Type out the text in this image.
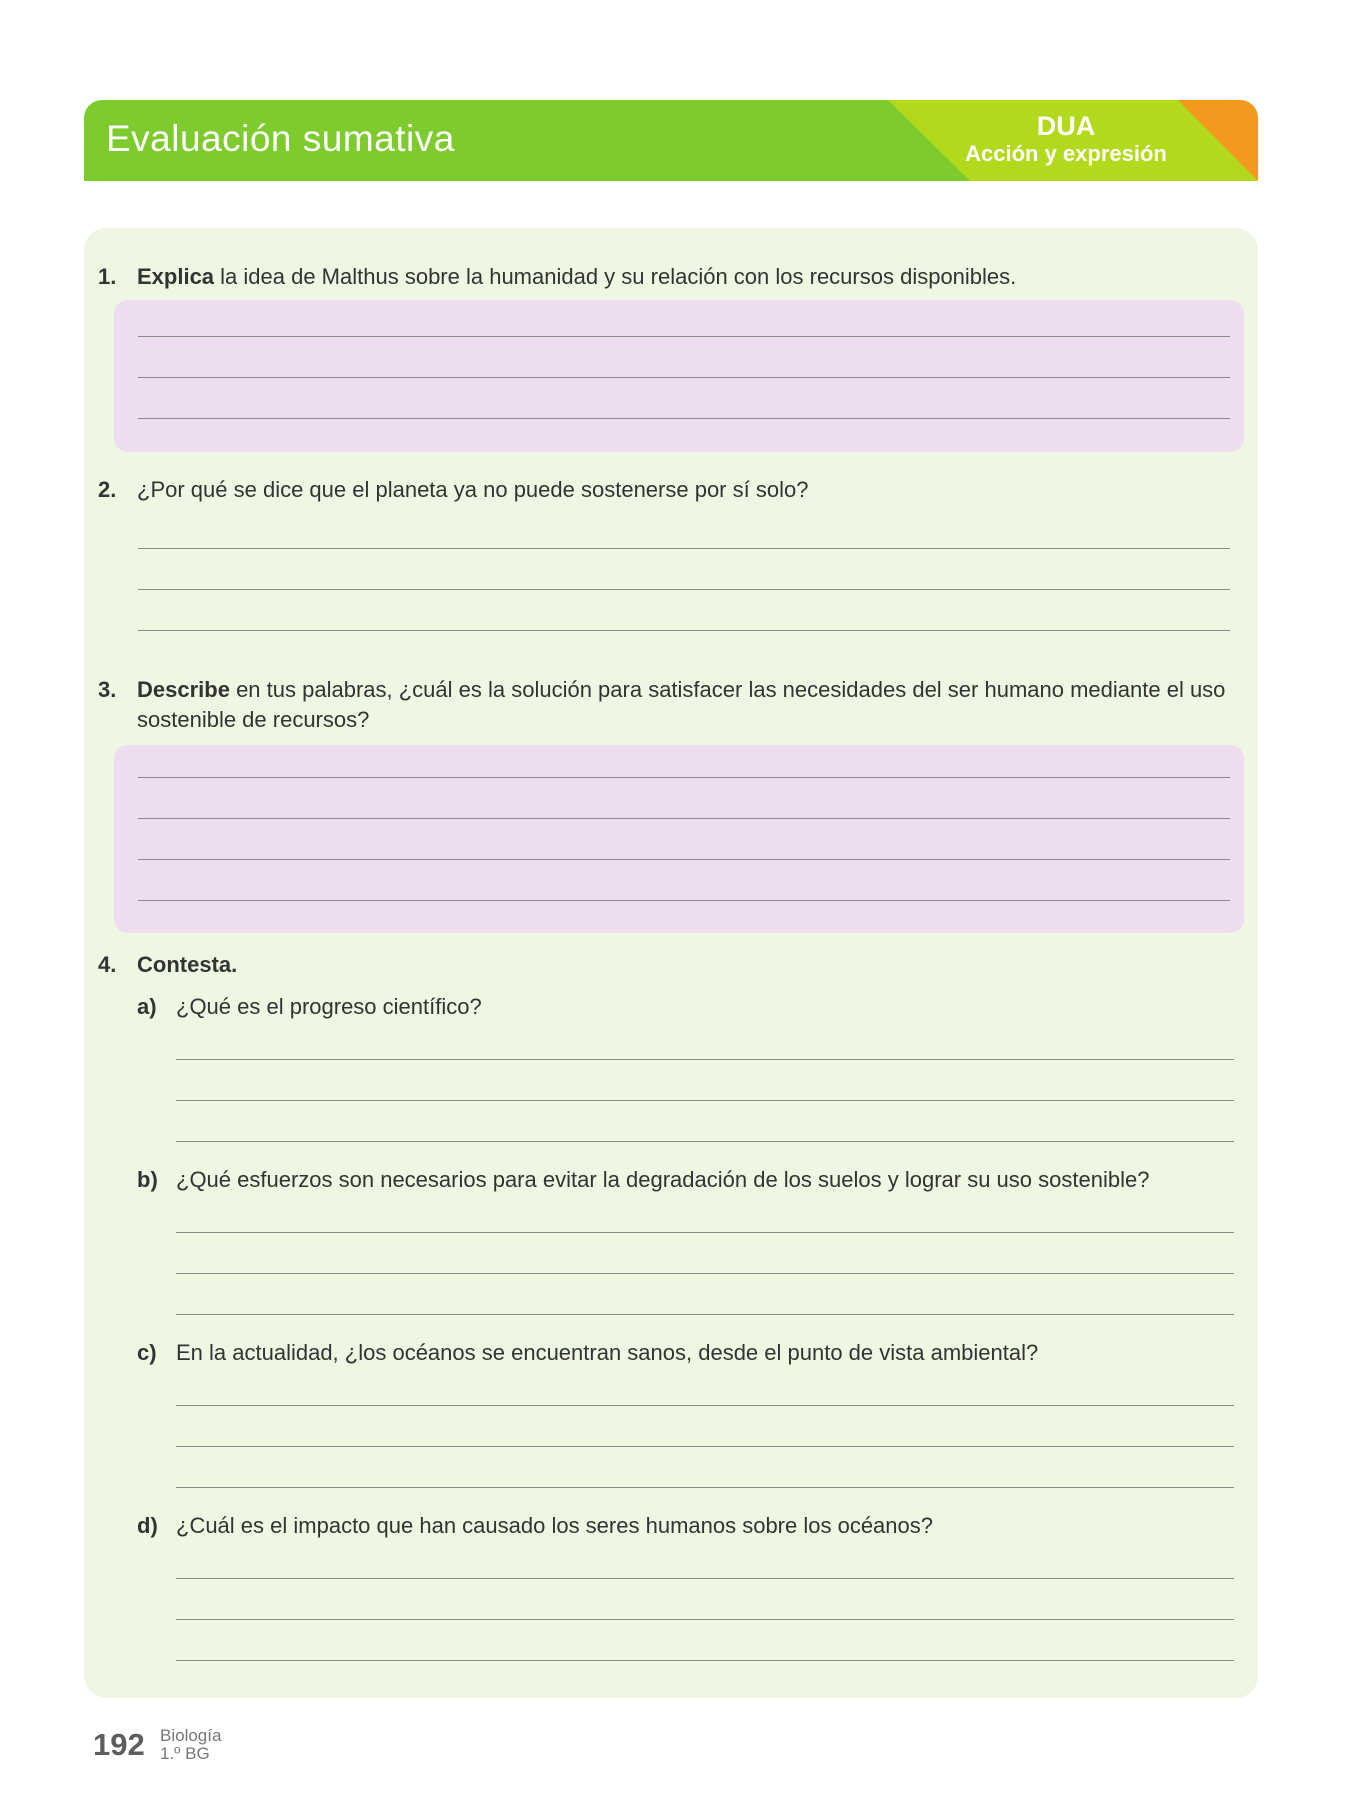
Evaluación sumativa	DUA
Acción y expresión
1. Explica la idea de Malthus sobre la humanidad y su relación con los recursos disponibles.
2. ¿Por qué se dice que el planeta ya no puede sostenerse por sí solo?
3. Describe en tus palabras, ¿cuál es la solución para satisfacer las necesidades del ser humano mediante el uso sostenible de recursos?
4. Contesta.
a) ¿Qué es el progreso científico?
b) ¿Qué esfuerzos son necesarios para evitar la degradación de los suelos y lograr su uso sostenible?
c) En la actualidad, ¿los océanos se encuentran sanos, desde el punto de vista ambiental?
d) ¿Cuál es el impacto que han causado los seres humanos sobre los océanos?
192 Biología
1.º BG
